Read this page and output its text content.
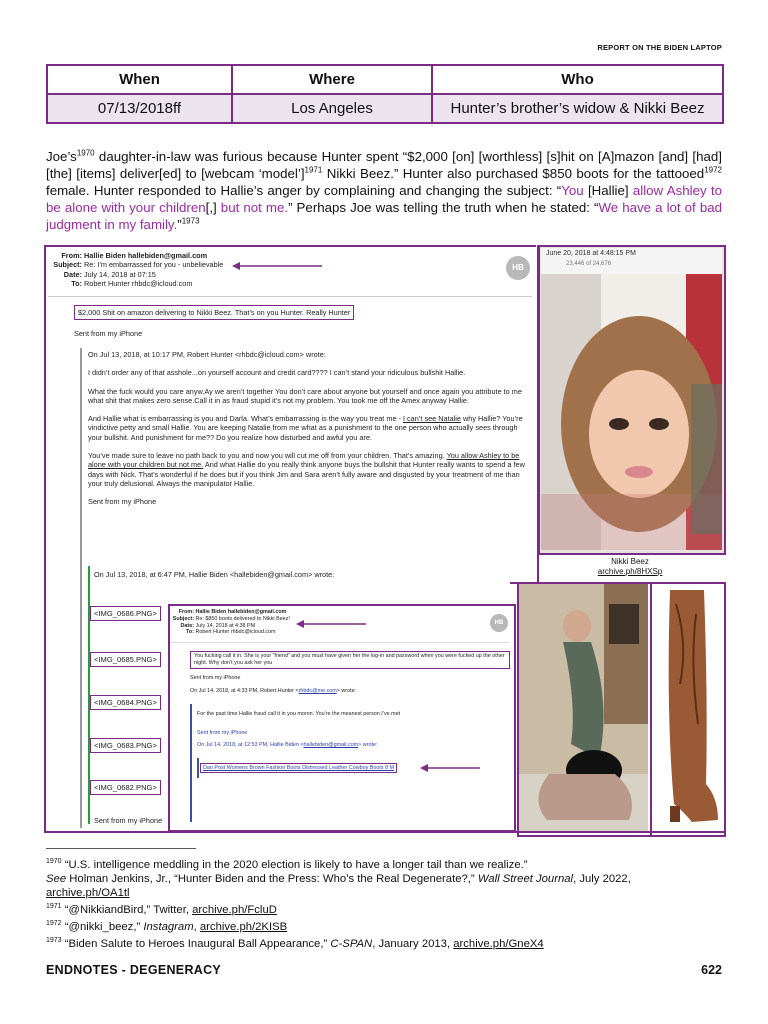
REPORT ON THE BIDEN LAPTOP
When	Where	Who
07/13/2018ff	Los Angeles	Hunter’s brother’s widow & Nikki Beez
$Joe’s^{1970}$ daughter-in-law was furious because Hunter spent “$2,000 [on] [worthless] [s]hit on [A]mazon [and] [had] [the] [items] deliver[ed] to [webcam ‘model’]$^{1971}$ Nikki Beez.” Hunter also purchased $850 boots for the tattooed$^{1972}$ female. Hunter responded to Hallie’s anger by complaining and changing the subject: “You [Hallie] allow Ashley to be alone with your children[,] but not me.” Perhaps Joe was telling the truth when he stated: “We have a lot of bad judgment in my family.”$^{1973}$

From: Hallie Biden hallebiden@gmail.com

Subject: Re: I'm embarrassed for you - unbelievable

Date: July 14, 2018 at 07:15

To: Robert Hunter rhbdc@icloud.com

HB
$2,000 Shit on amazon delivering to Nikki Beez. That’s on you Hunter. Really Hunter

Sent from my iPhone

On Jul 13, 2018, at 10:17 PM, Robert Hunter <rhbdc@icloud.com> wrote:

I didn’t order any of that asshole...on yourself account and credit card???? I can’t stand your ridiculous bullshit Hallie.

What the fuck would you care anyw.Ay we aren’t together You don’t care about anyone but yourself and once again you attribute to me what shit that makes zero sense.Call it in as fraud stupid it’s not my problem. You took me off the Amex anyway Hallie.

And Hallie what is embarrassing is you and Darla. What’s embarrassing is the way you treat me - I can’t see Natalie why Hallie? You’re vindictive petty and small Hallie. You are keeping Natalie from me what as a punishment to the one person who actually sees through your bullshit. And punishment for me?? Do you realize how disturbed and awful you are.

You’ve made sure to leave no path back to you and now you will cut me off from your children. That’s amazing. You allow Ashley to be alone with your children but not me. And what Hallie do you really think anyone buys the bullshit that Hunter really wants to spend a few days with Nick. That’s wonderful if he does but if you think Jim and Sara aren’t fully aware and disgusted by your treatment of me than your truly delusional. Always the manipulator Hallie.

Sent from my iPhone

On Jul 13, 2018, at 6:47 PM, Hallie Biden <hallebiden@gmail.com> wrote:
<IMG_0686.PNG>
<IMG_0685.PNG>
<IMG_0684.PNG>
<IMG_0683.PNG>
<IMG_0682.PNG>
Sent from my iPhone

From: Hallie Biden hallebiden@gmail.com

Subject: Re: $850 boots delivered to Nikki Beez!

Date: July 14, 2018 at 4:38 PM

To: Robert Hunter rhbdc@icloud.com

HB
You fucking call it in. She is your “friend” and you must have given her the log-in and password when you were fucked up the other night. Why don’t you ask her you

Sent from my iPhone

On Jul 14, 2018, at 4:33 PM, Robert Hunter <rhbdc@me.com> wrote:

For the past time Hallie fraud call it in you moron. You’re the meanest person I’ve met

Sent from my iPhone

On Jul 14, 2018, at 12:53 PM, Hallie Biden <hallebiden@gmail.com> wrote:

Dan Post Womens Brown Fashion Boots Distressed Leather Cowboy Boots 8 M
June 20, 2018 at 4:48:15 PM
23,446 of 24,676
Nikki Beez
archive.ph/8HXSp

$^{1970}$ “U.S. intelligence meddling in the 2020 election is likely to have a longer tail than we realize.”

See Holman Jenkins, Jr., “Hunter Biden and the Press: Who’s the Real Degenerate?,” Wall Street Journal, July 2022,

archive.ph/OA1tl

$^{1971}$ “@NikkiandBird,” Twitter, archive.ph/FcluD

$^{1972}$ “@nikki_beez,” Instagram, archive.ph/2KISB

$^{1973}$ “Biden Salute to Heroes Inaugural Ball Appearance,” C-SPAN, January 2013, archive.ph/GneX4

ENDNOTES - DEGENERACY	622
